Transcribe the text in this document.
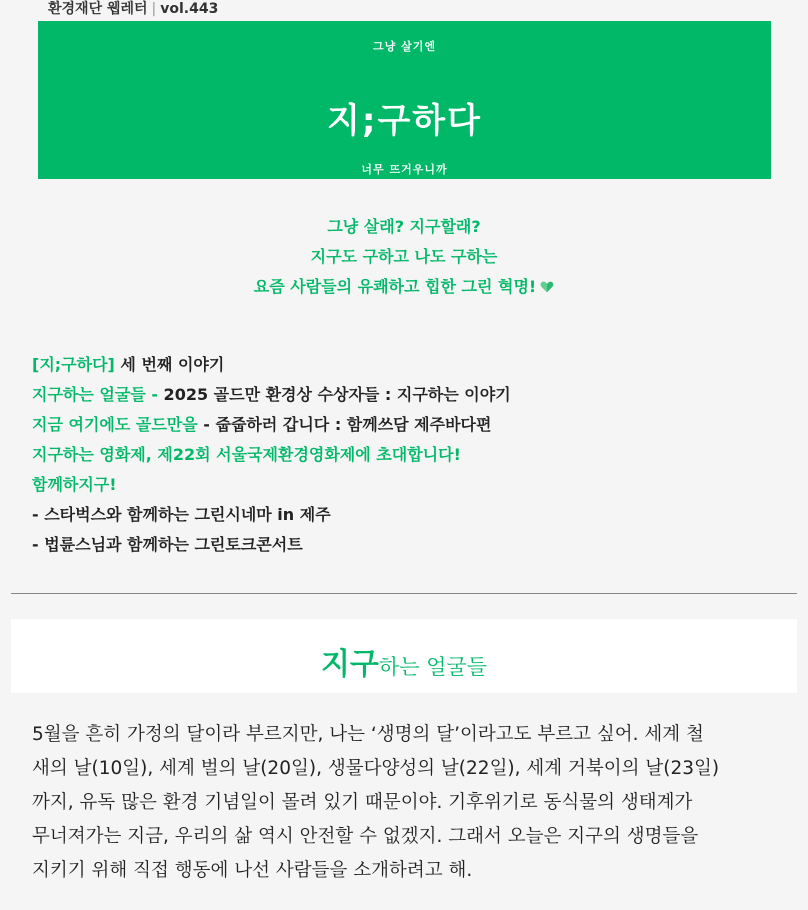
환경재단 웹레터 | vol.443
그냥 살기엔
지;구하다
너무 뜨거우니까
그냥 살래? 지구할래?
지구도 구하고 나도 구하는
요즘 사람들의 유쾌하고 힙한 그린 혁명!
[지;구하다] 세 번째 이야기
지구하는 얼굴들 - 2025 골드만 환경상 수상자들 : 지구하는 이야기
지금 여기에도 골드만을 - 줍줍하러 갑니다 : 함께쓰담 제주바다편
지구하는 영화제, 제22회 서울국제환경영화제에 초대합니다!
함께하지구!
- 스타벅스와 함께하는 그린시네마 in 제주
- 법륜스님과 함께하는 그린토크콘서트
지구하는 얼굴들
5월을 흔히 가정의 달이라 부르지만, 나는 ‘생명의 달’이라고도 부르고 싶어. 세계 철
새의 날(10일), 세계 벌의 날(20일), 생물다양성의 날(22일), 세계 거북이의 날(23일)
까지, 유독 많은 환경 기념일이 몰려 있기 때문이야. 기후위기로 동식물의 생태계가
무너져가는 지금, 우리의 삶 역시 안전할 수 없겠지. 그래서 오늘은 지구의 생명들을
지키기 위해 직접 행동에 나선 사람들을 소개하려고 해.
